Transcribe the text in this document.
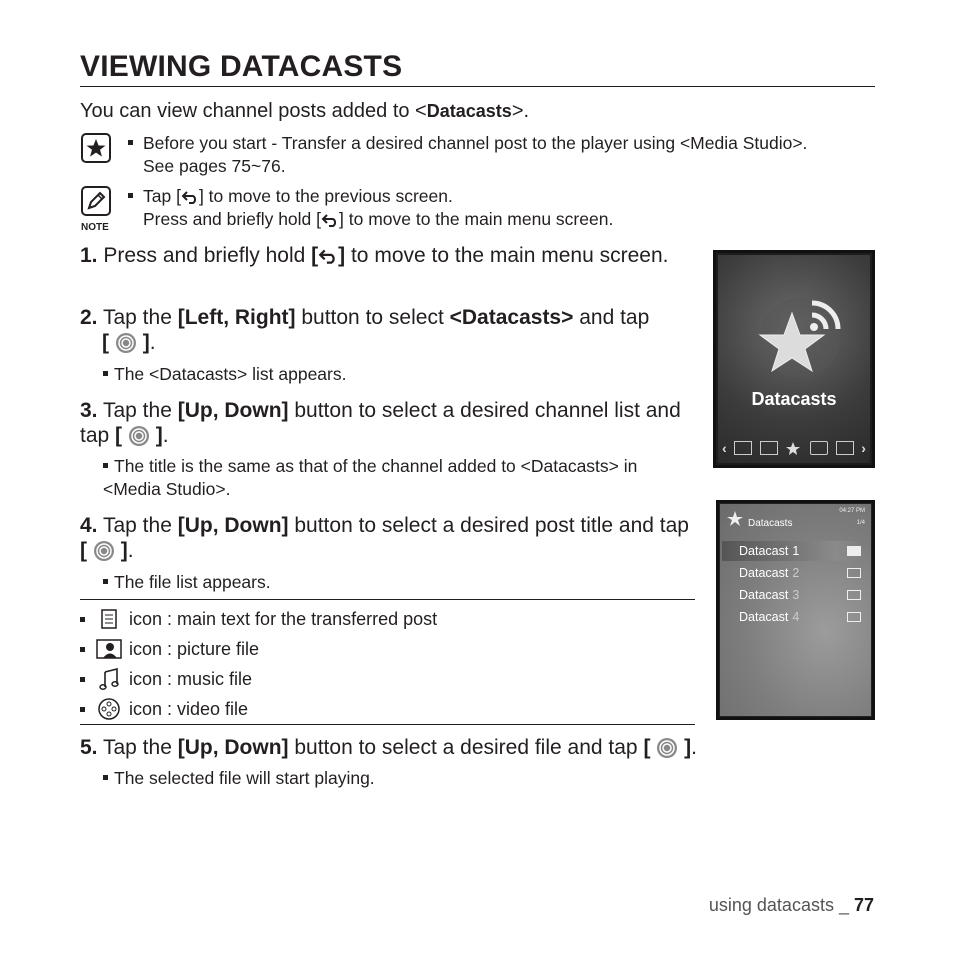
VIEWING DATACASTS
You can view channel posts added to <Datacasts>.
Before you start - Transfer a desired channel post to the player using <Media Studio>. See pages 75~76.
NOTE
Tap [ ] to move to the previous screen.
Press and briefly hold [ ] to move to the main menu screen.
1. Press and briefly hold [ ] to move to the main menu screen.
2. Tap the [Left, Right] button to select <Datacasts> and tap
[ ].
The <Datacasts> list appears.
3. Tap the [Up, Down] button to select a desired channel list and tap [ ].
The title is the same as that of the channel added to <Datacasts> in <Media Studio>.
4. Tap the [Up, Down] button to select a desired post title and tap [ ].
The file list appears.
icon : main text for the transferred post
icon : picture file
icon : music file
icon : video file
5. Tap the [Up, Down] button to select a desired file and tap [ ].
The selected file will start playing.
Datacasts
‹	›
Datacasts
04:27 PM
1/4
Datacast 1
Datacast 2
Datacast 3
Datacast 4
using datacasts _ 77
